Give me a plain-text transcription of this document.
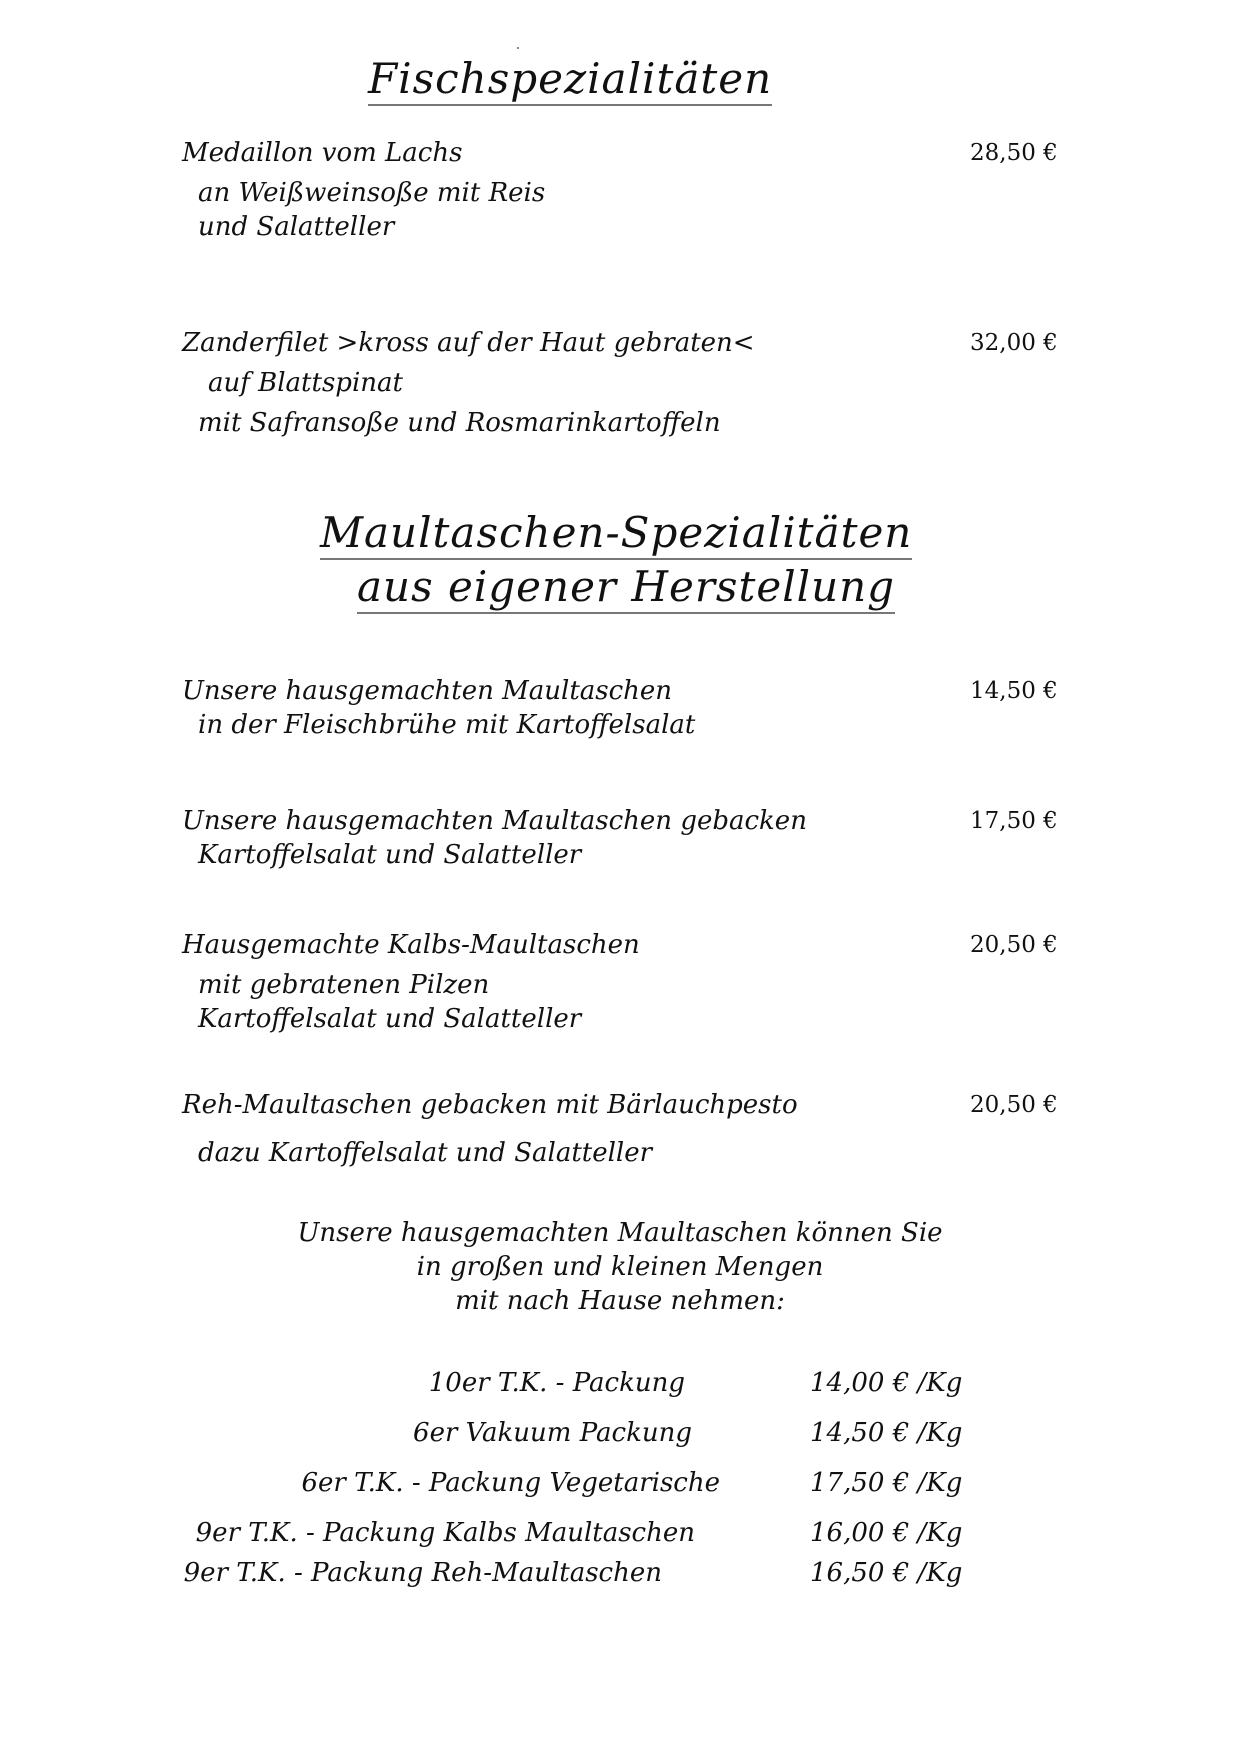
Fischspezialitäten
Medaillon vom Lachs
an Weißweinsoße mit Reis
und Salatteller
28,50 €
Zanderfilet >kross auf der Haut gebraten<
auf Blattspinat
mit Safransoße und Rosmarinkartoffeln
32,00 €
Maultaschen-Spezialitäten
aus eigener Herstellung
Unsere hausgemachten Maultaschen
in der Fleischbrühe mit Kartoffelsalat
14,50 €
Unsere hausgemachten Maultaschen gebacken
Kartoffelsalat und Salatteller
17,50 €
Hausgemachte Kalbs-Maultaschen
mit gebratenen Pilzen
Kartoffelsalat und Salatteller
20,50 €
Reh-Maultaschen gebacken mit Bärlauchpesto
dazu Kartoffelsalat und Salatteller
20,50 €
Unsere hausgemachten Maultaschen können Sie
in großen und kleinen Mengen
mit nach Hause nehmen:
10er T.K. - Packung	14,00 € /Kg
6er Vakuum Packung	14,50 € /Kg
6er T.K. - Packung Vegetarische	17,50 € /Kg
9er T.K. - Packung Kalbs Maultaschen	16,00 € /Kg
9er T.K. - Packung Reh-Maultaschen	16,50 € /Kg
